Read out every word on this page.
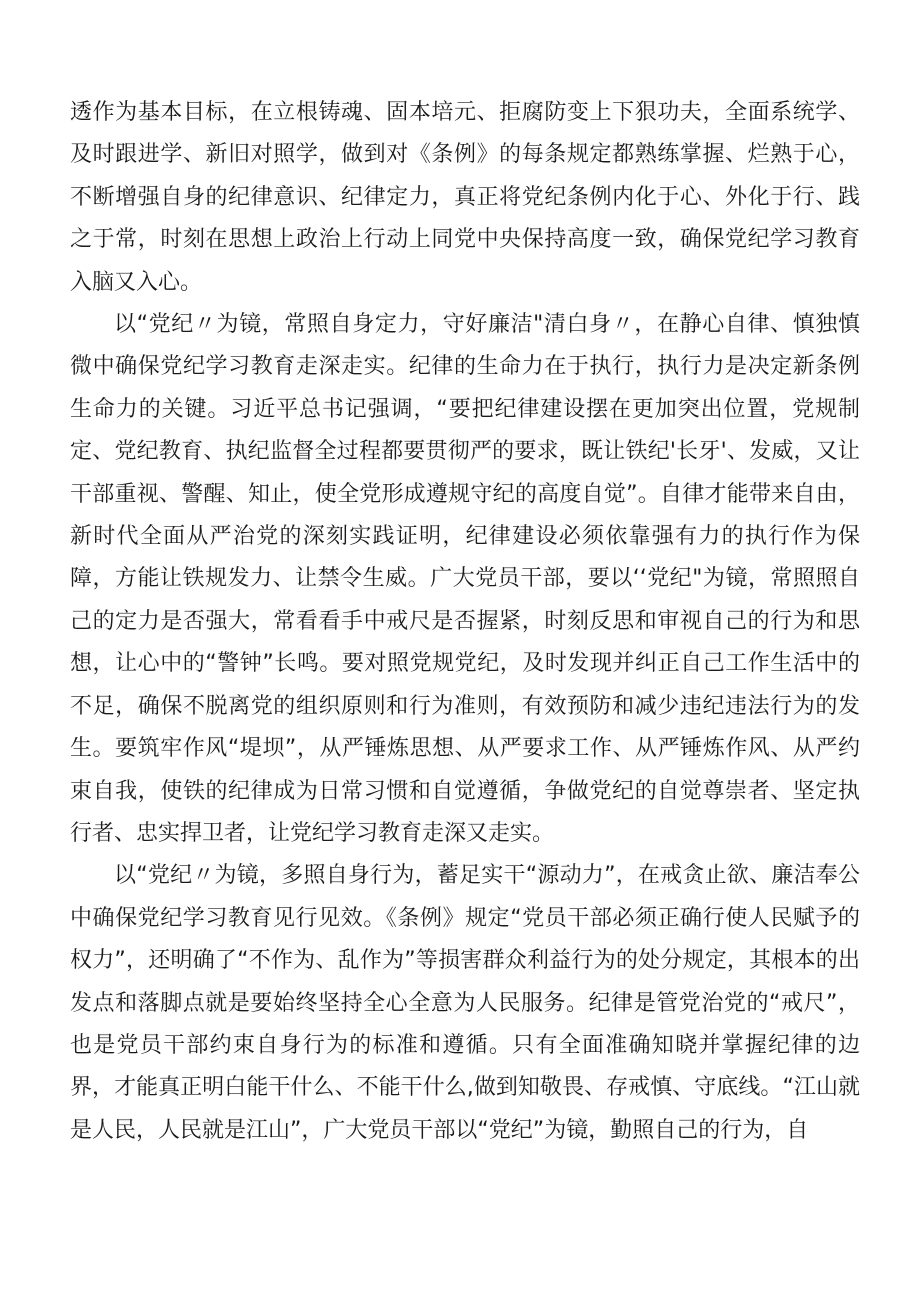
透作为基本目标，在立根铸魂、固本培元、拒腐防变上下狠功夫，全面系统学、及时跟进学、新旧对照学，做到对《条例》的每条规定都熟练掌握、烂熟于心，不断增强自身的纪律意识、纪律定力，真正将党纪条例内化于心、外化于行、践之于常，时刻在思想上政治上行动上同党中央保持高度一致，确保党纪学习教育入脑又入心。

以“党纪〃为镜，常照自身定力，守好廉洁"清白身〃，在静心自律、慎独慎微中确保党纪学习教育走深走实。纪律的生命力在于执行，执行力是决定新条例生命力的关键。习近平总书记强调，“要把纪律建设摆在更加突出位置，党规制定、党纪教育、执纪监督全过程都要贯彻严的要求，既让铁纪'长牙'、发威，又让干部重视、警醒、知止，使全党形成遵规守纪的高度自觉”。自律才能带来自由，新时代全面从严治党的深刻实践证明，纪律建设必须依靠强有力的执行作为保障，方能让铁规发力、让禁令生威。广大党员干部，要以‘‘党纪"为镜，常照照自己的定力是否强大，常看看手中戒尺是否握紧，时刻反思和审视自己的行为和思想，让心中的“警钟”长鸣。要对照党规党纪，及时发现并纠正自己工作生活中的不足，确保不脱离党的组织原则和行为准则，有效预防和减少违纪违法行为的发生。要筑牢作风“堤坝”，从严锤炼思想、从严要求工作、从严锤炼作风、从严约束自我，使铁的纪律成为日常习惯和自觉遵循，争做党纪的自觉尊崇者、坚定执行者、忠实捍卫者，让党纪学习教育走深又走实。

以“党纪〃为镜，多照自身行为，蓄足实干“源动力”，在戒贪止欲、廉洁奉公中确保党纪学习教育见行见效。《条例》规定“党员干部必须正确行使人民赋予的权力”，还明确了“不作为、乱作为”等损害群众利益行为的处分规定，其根本的出发点和落脚点就是要始终坚持全心全意为人民服务。纪律是管党治党的“戒尺”，也是党员干部约束自身行为的标准和遵循。只有全面准确知晓并掌握纪律的边界，才能真正明白能干什么、不能干什么,做到知敬畏、存戒慎、守底线。“江山就是人民，人民就是江山”，广大党员干部以“党纪”为镜，勤照自己的行为，自
